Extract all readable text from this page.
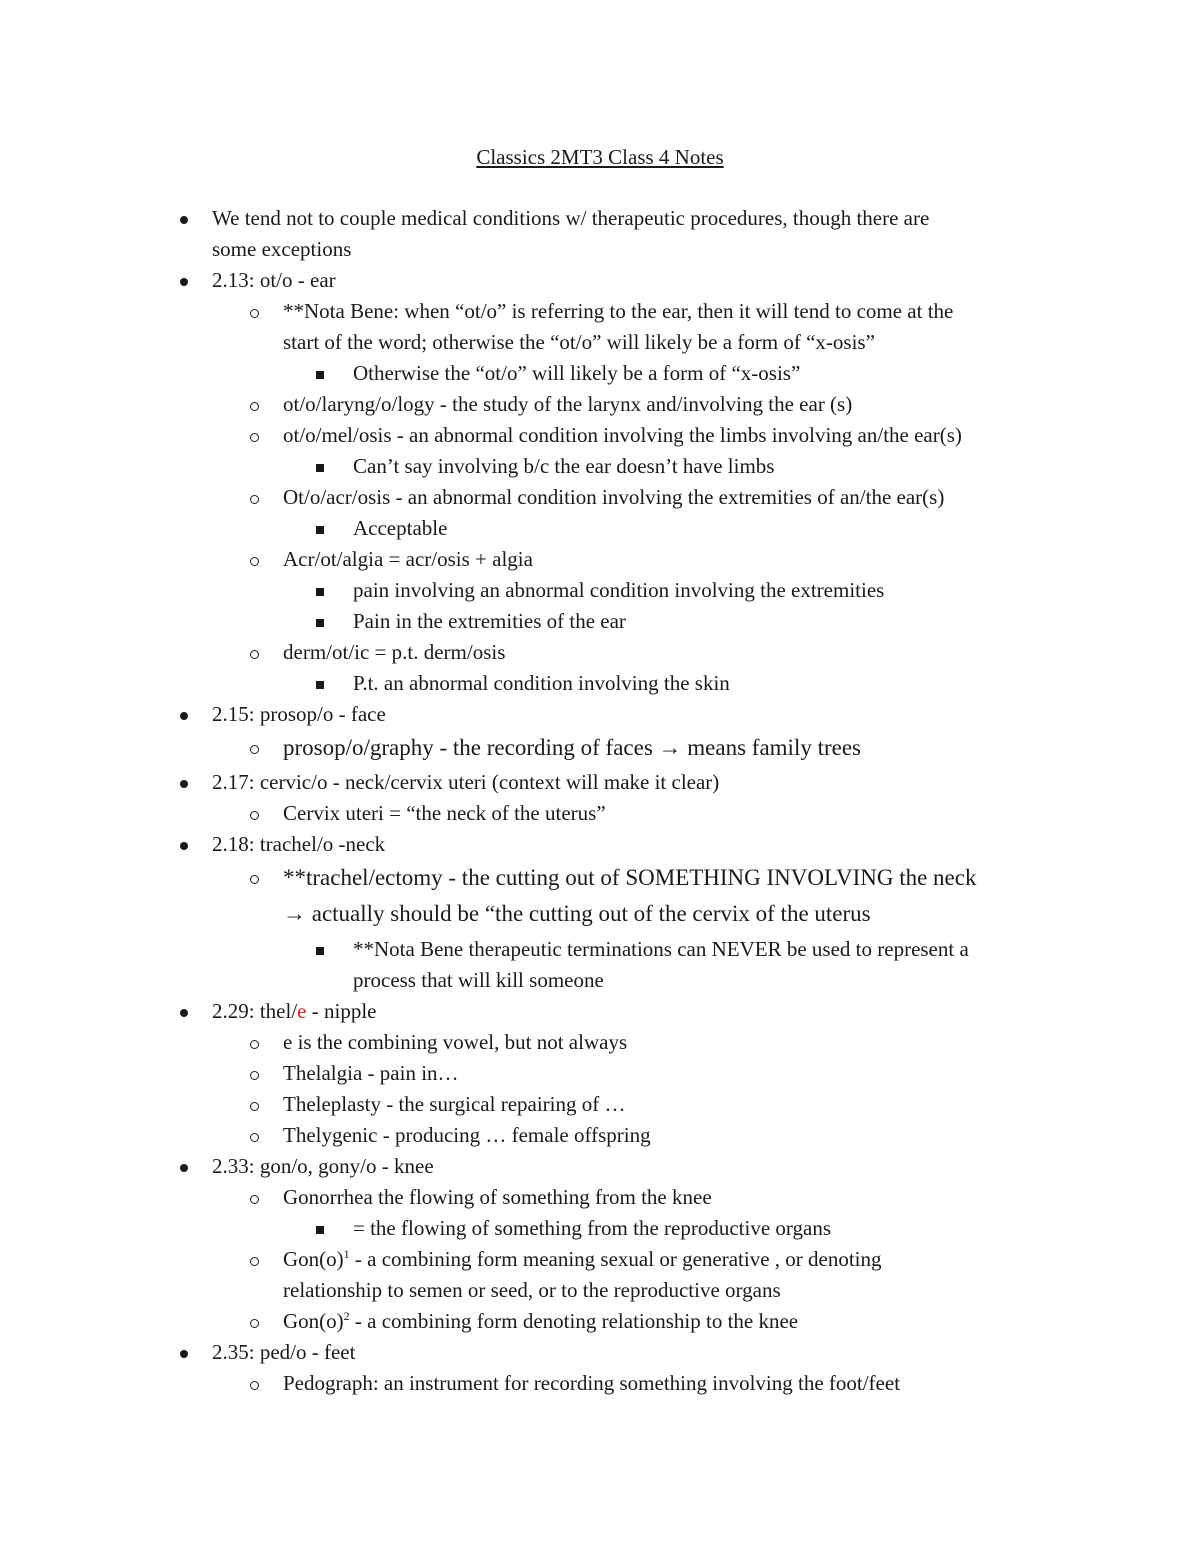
Classics 2MT3 Class 4 Notes
We tend not to couple medical conditions w/ therapeutic procedures, though there are
some exceptions
2.13: ot/o - ear
**Nota Bene: when “ot/o” is referring to the ear, then it will tend to come at the
start of the word; otherwise the “ot/o” will likely be a form of “x-osis”
Otherwise the “ot/o” will likely be a form of “x-osis”
ot/o/laryng/o/logy - the study of the larynx and/involving the ear (s)
ot/o/mel/osis - an abnormal condition involving the limbs involving an/the ear(s)
Can’t say involving b/c the ear doesn’t have limbs
Ot/o/acr/osis - an abnormal condition involving the extremities of an/the ear(s)
Acceptable
Acr/ot/algia = acr/osis + algia
pain involving an abnormal condition involving the extremities
Pain in the extremities of the ear
derm/ot/ic = p.t. derm/osis
P.t. an abnormal condition involving the skin
2.15: prosop/o - face
prosop/o/graphy - the recording of faces → means family trees
2.17: cervic/o - neck/cervix uteri (context will make it clear)
Cervix uteri = “the neck of the uterus”
2.18: trachel/o -neck
**trachel/ectomy - the cutting out of SOMETHING INVOLVING the neck
→ actually should be “the cutting out of the cervix of the uterus
**Nota Bene therapeutic terminations can NEVER be used to represent a
process that will kill someone
2.29: thel/e - nipple
e is the combining vowel, but not always
Thelalgia - pain in…
Theleplasty - the surgical repairing of …
Thelygenic - producing … female offspring
2.33: gon/o, gony/o - knee
Gonorrhea the flowing of something from the knee
= the flowing of something from the reproductive organs
$Gon(o)^1$ - a combining form meaning sexual or generative , or denoting
relationship to semen or seed, or to the reproductive organs
$Gon(o)^2$ - a combining form denoting relationship to the knee
2.35: ped/o - feet
Pedograph: an instrument for recording something involving the foot/feet
